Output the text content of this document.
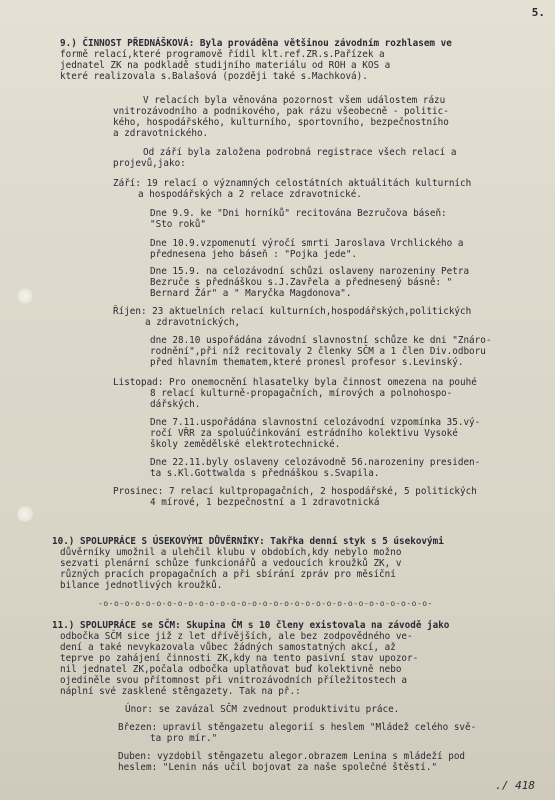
5.
9.) ČINNOST PŘEDNÁŠKOVÁ: Byla prováděna většinou závodním rozhlasem ve
formě relací,které programově řídil klt.ref.ZR.s.Pařízek a
jednatel ZK na podkladě studijního materiálu od ROH a KOS a
které realizovala s.Balašová (později také s.Machková).
V relacích byla věnována pozornost všem událostem rázu
vnitrozávodního a podnikového, pak rázu všeobecně - politic-
kého, hospodářského, kulturního, sportovního, bezpečnostního
a zdravotnického.
Od září byla založena podrobná registrace všech relací a
projevů,jako:
Září: 19 relací o významných celostátních aktuálitách kulturních
a hospodářských a 2 relace zdravotnické.
Dne 9.9. ke "Dni horníků" recitována Bezručova báseň:
"Sto roků"
Dne 10.9.vzpomenutí výročí smrti Jaroslava Vrchlického a
přednesena jeho báseň : "Pojka jede".
Dne 15.9. na celozávodní schůzi oslaveny narozeniny Petra
Bezruče s přednáškou s.J.Zavřela a přednesený básně: "
Bernard Žár" a " Maryčka Magdonova".
Říjen: 23 aktuelních relací kulturních,hospodářských,politických
a zdravotnických,
dne 28.10 uspořádána závodní slavnostní schůze ke dni "Znáro-
rodnění",při níž recitovaly 2 členky SČM a 1 člen Div.odboru
před hlavním thematem,které pronesl profesor s.Levinský.
Listopad: Pro onemocnění hlasatelky byla činnost omezena na pouhé
8 relací kulturně-propagačních, mírových a polnohospo-
dářských.
Dne 7.11.uspořádána slavnostní celozávodní vzpomínka 35.vý-
ročí VŘR za spoluúčinkování estrádního kolektivu Vysoké
školy zemědělské elektrotechnické.
Dne 22.11.byly oslaveny celozávodně 56.narozeniny presiden-
ta s.Kl.Gottwalda s přednáškou s.Svapila.
Prosinec: 7 relací kultpropagačních, 2 hospodářské, 5 politických
4 mírové, 1 bezpečnostní a 1 zdravotnická
10.) SPOLUPRÁCE S ÚSEKOVÝMI DŮVĚRNÍKY: Takřka denní styk s 5 úsekovými
důvěrníky umožnil a ulehčil klubu v obdobích,kdy nebylo možno
sezvati plenární schůze funkcionářů a vedoucích kroužků ZK, v
různých pracích propagačních a při sbírání zpráv pro měsíční
bilance jednotlivých kroužků.
-o-o-o-o-o-o-o-o-o-o-o-o-o-o-o-o-o-o-o-o-o-o-o-o-o-o-o-o-o-o-o-
11.) SPOLUPRÁCE se SČM: Skupina ČM s 10 členy existovala na závodě jako
odbočka SČM sice již z let dřívějších, ale bez zodpovědného ve-
dení a také nevykazovala vůbec žádných samostatných akcí, až
teprve po zahájení činnosti ZK,kdy na tento pasivní stav upozor-
nil jednatel ZK,počala odbočka uplatňovat buď kolektivně nebo
ojediněle svou přítomnost při vnitrozávodních příležitostech a
náplní své zasklené stěngazety. Tak na př.:
Únor: se zavázal SČM zvednout produktivitu práce.
Březen: upravil stěngazetu alegorií s heslem "Mládež celého svě-
ta pro mír."
Duben: vyzdobil stěngazetu alegor.obrazem Lenina s mládeží pod
heslem: "Lenin nás učil bojovat za naše společné štěstí."
./ 418
